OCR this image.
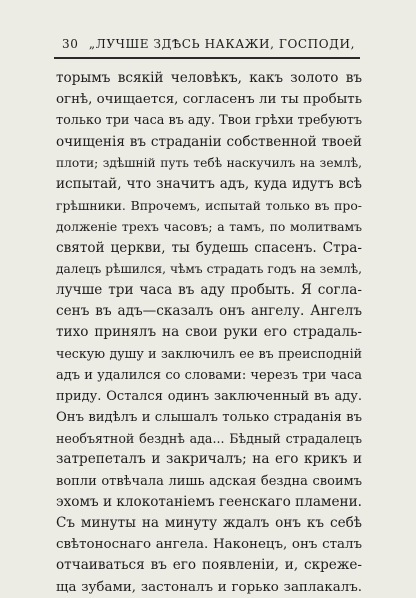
30 „ЛУЧШЕ ЗДѢСЬ НАКАЖИ, ГОСПОДИ,
торымъ всякій человѣкъ, какъ золото въ
огнѣ, очищается, согласенъ ли ты пробыть
только три часа въ аду. Твои грѣхи требуютъ
очищенія въ страданіи собственной твоей
плоти; здѣшній путь тебѣ наскучилъ на землѣ,
испытай, что значитъ адъ, куда идутъ всѣ
грѣшники. Впрочемъ, испытай только въ про-
долженіе трехъ часовъ; а тамъ, по молитвамъ
святой церкви, ты будешь спасенъ. Стра-
далецъ рѣшился, чѣмъ страдать годъ на землѣ,
лучше три часа въ аду пробыть. Я согла-
сенъ въ адъ—сказалъ онъ ангелу. Ангелъ
тихо принялъ на свои руки его страдаль-
ческую душу и заключилъ ее въ преисподній
адъ и удалился со словами: черезъ три часа
приду. Остался одинъ заключенный въ аду.
Онъ видѣлъ и слышалъ только страданія въ
необъятной безднѣ ада... Бѣдный страдалецъ
затрепеталъ и закричалъ; на его крикъ и
вопли отвѣчала лишь адская бездна своимъ
эхомъ и клокотаніемъ геенскаго пламени.
Съ минуты на минуту ждалъ онъ къ себѣ
свѣтоноснаго ангела. Наконецъ, онъ сталъ
отчаиваться въ его появленіи, и, скреже-
ща зубами, застоналъ и горько заплакалъ.
